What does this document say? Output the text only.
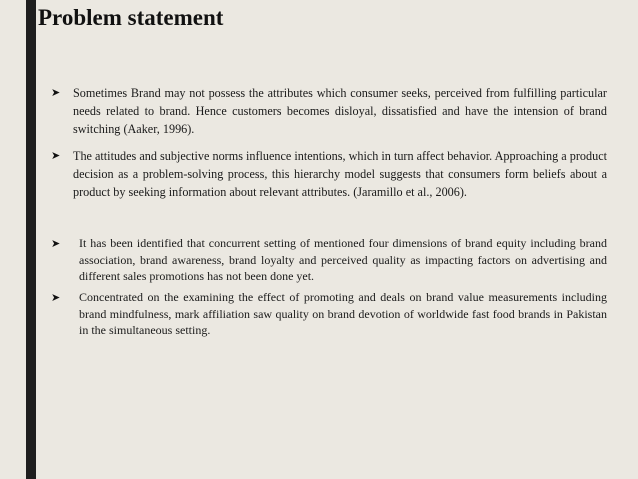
Problem statement
➤	Sometimes Brand may not possess the attributes which consumer seeks, perceived from fulfilling particular needs related to brand. Hence customers becomes disloyal, dissatisfied and have the intension of brand switching (Aaker, 1996).

➤	The attitudes and subjective norms influence intentions, which in turn affect behavior. Approaching a product decision as a problem-solving process, this hierarchy model suggests that consumers form beliefs about a product by seeking information about relevant attributes. (Jaramillo et al., 2006).

➤	It has been identified that concurrent setting of mentioned four dimensions of brand equity including brand association, brand awareness, brand loyalty and perceived quality as impacting factors on advertising and different sales promotions has not been done yet.

➤	Concentrated on the examining the effect of promoting and deals on brand value measurements including brand mindfulness, mark affiliation saw quality on brand devotion of worldwide fast food brands in Pakistan in the simultaneous setting.
